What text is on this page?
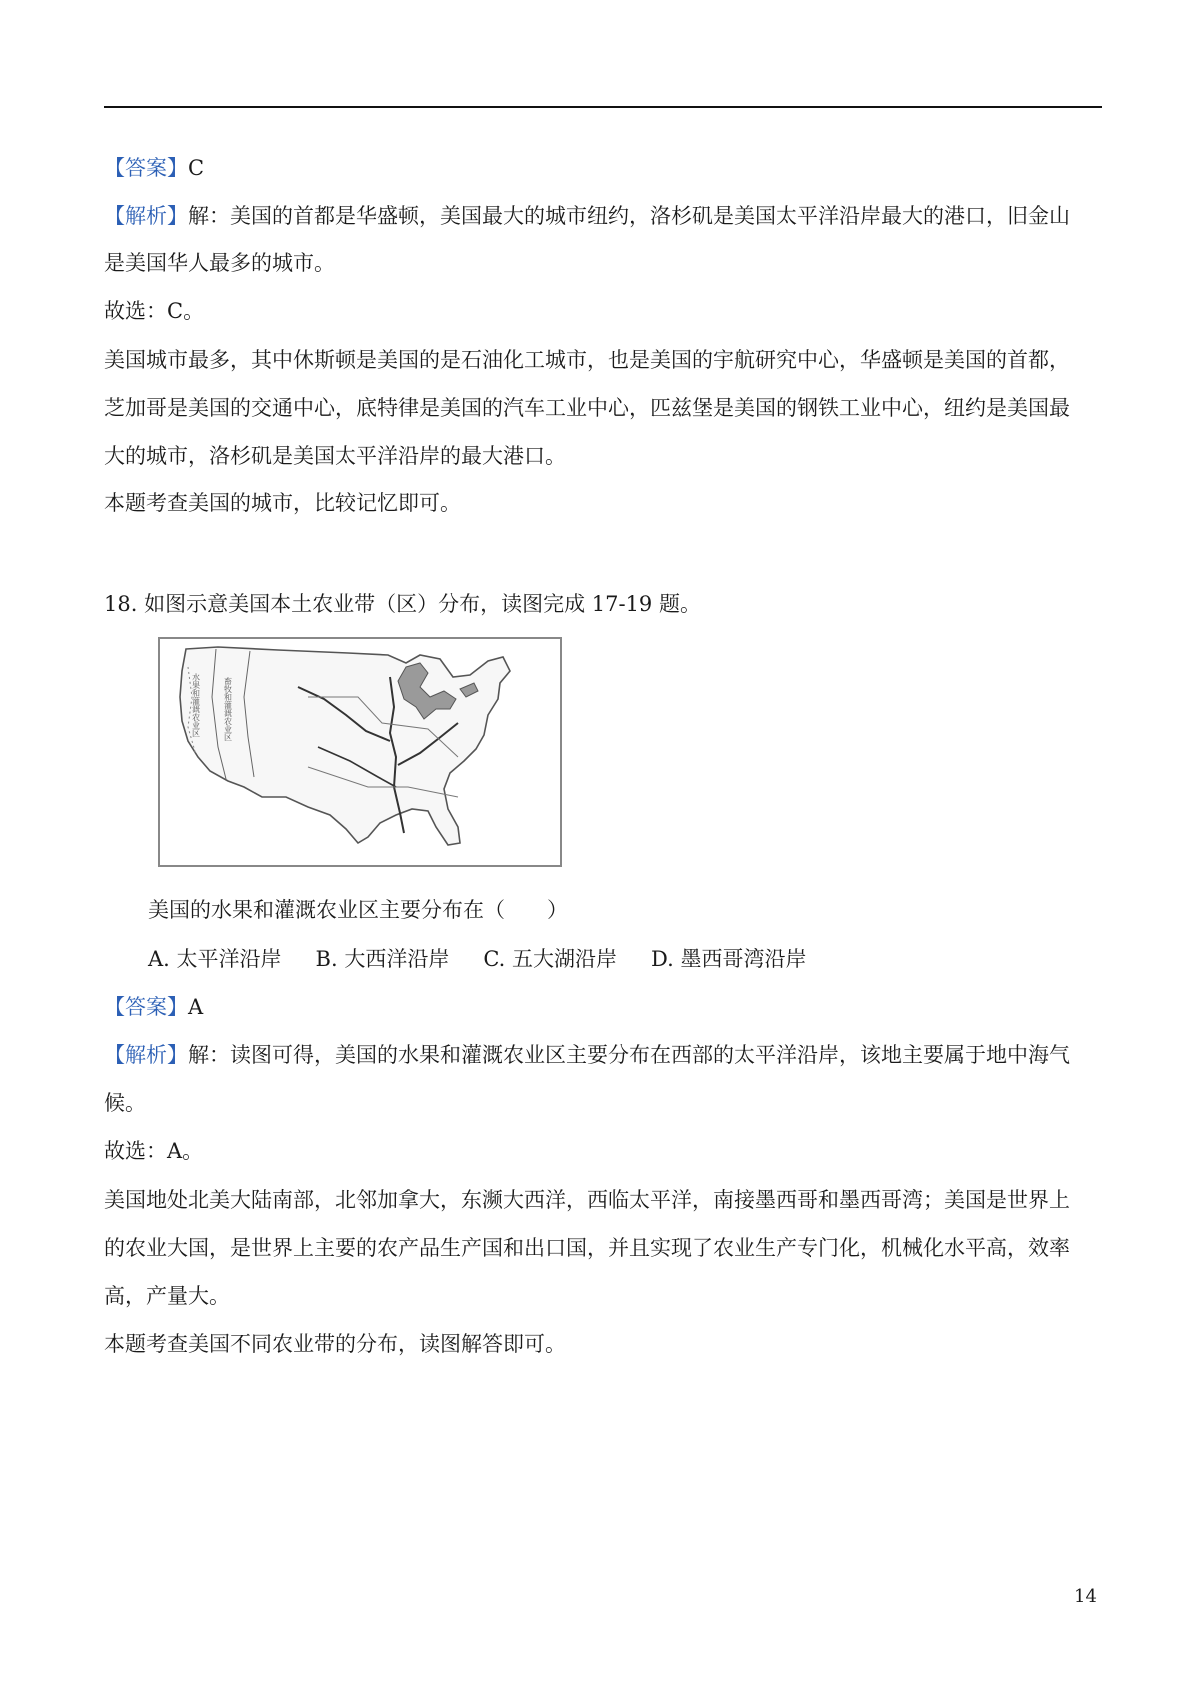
【答案】C
【解析】解：美国的首都是华盛顿，美国最大的城市纽约，洛杉矶是美国太平洋沿岸最大的港口，旧金山
是美国华人最多的城市。
故选：C。
美国城市最多，其中休斯顿是美国的是石油化工城市，也是美国的宇航研究中心，华盛顿是美国的首都，
芝加哥是美国的交通中心，底特律是美国的汽车工业中心，匹兹堡是美国的钢铁工业中心，纽约是美国最
大的城市，洛杉矶是美国太平洋沿岸的最大港口。
本题考查美国的城市，比较记忆即可。
18. 如图示意美国本土农业带（区）分布，读图完成 17-19 题。
畜牧和灌溉农业区
水果和灌溉农业区
美国的水果和灌溉农业区主要分布在（　　）
A. 太平洋沿岸 B. 大西洋沿岸 C. 五大湖沿岸 D. 墨西哥湾沿岸
【答案】A
【解析】解：读图可得，美国的水果和灌溉农业区主要分布在西部的太平洋沿岸，该地主要属于地中海气
候。
故选：A。
美国地处北美大陆南部，北邻加拿大，东濒大西洋，西临太平洋，南接墨西哥和墨西哥湾；美国是世界上
的农业大国，是世界上主要的农产品生产国和出口国，并且实现了农业生产专门化，机械化水平高，效率
高，产量大。
本题考查美国不同农业带的分布，读图解答即可。
14
